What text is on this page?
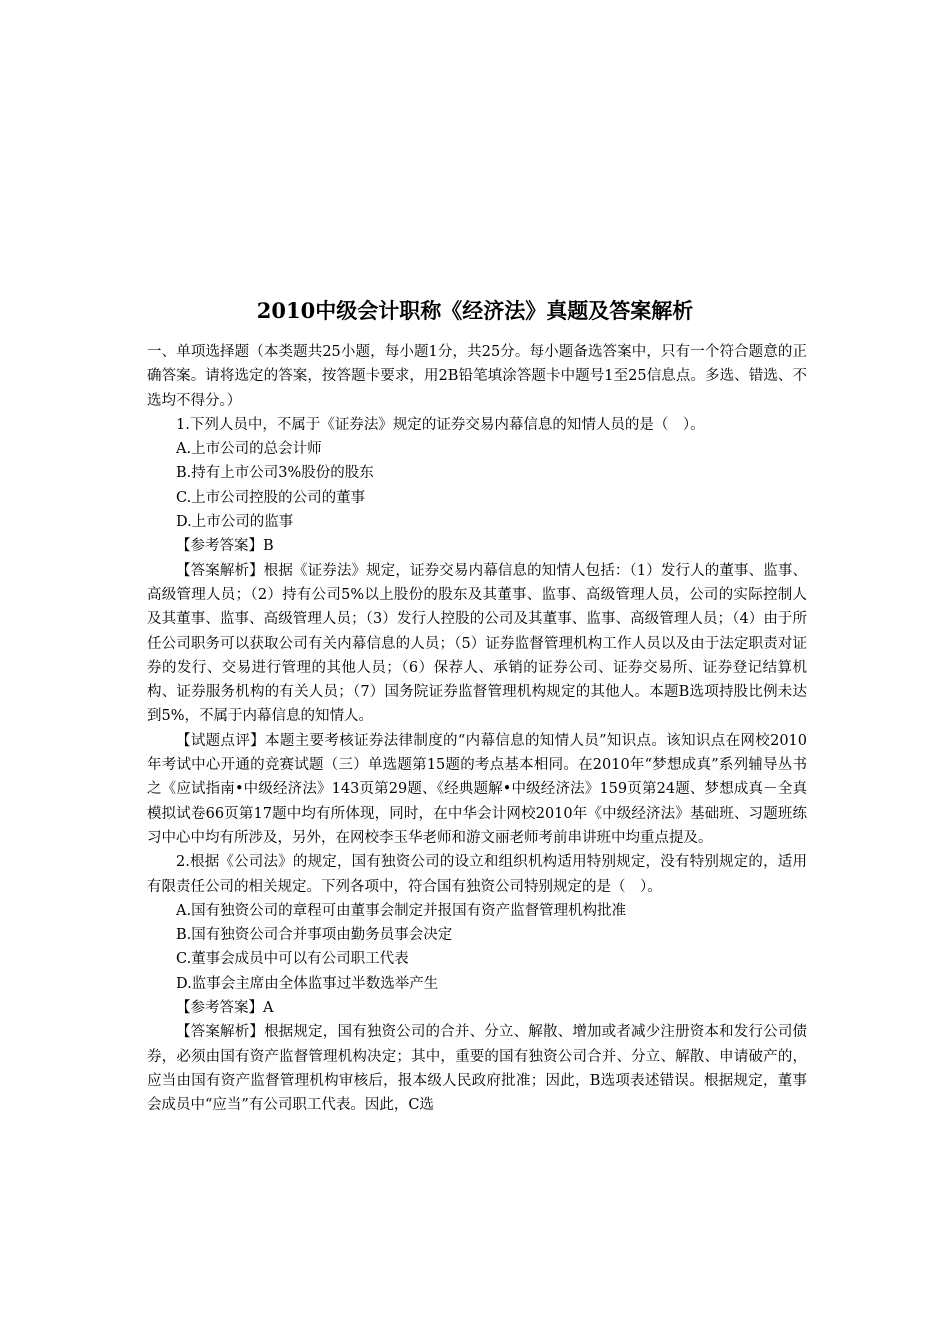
2010中级会计职称《经济法》真题及答案解析

一、单项选择题（本类题共25小题，每小题1分，共25分。每小题备选答案中，只有一个符合题意的正确答案。请将选定的答案，按答题卡要求，用2B铅笔填涂答题卡中题号1至25信息点。多选、错选、不选均不得分。）

1.下列人员中，不属于《证券法》规定的证券交易内幕信息的知情人员的是（　）。

A.上市公司的总会计师

B.持有上市公司3%股份的股东

C.上市公司控股的公司的董事

D.上市公司的监事

【参考答案】B

【答案解析】根据《证券法》规定，证券交易内幕信息的知情人包括：（1）发行人的董事、监事、高级管理人员；（2）持有公司5%以上股份的股东及其董事、监事、高级管理人员，公司的实际控制人及其董事、监事、高级管理人员；（3）发行人控股的公司及其董事、监事、高级管理人员；（4）由于所任公司职务可以获取公司有关内幕信息的人员；（5）证券监督管理机构工作人员以及由于法定职责对证券的发行、交易进行管理的其他人员；（6）保荐人、承销的证券公司、证券交易所、证券登记结算机构、证券服务机构的有关人员；（7）国务院证券监督管理机构规定的其他人。本题B选项持股比例未达到5%，不属于内幕信息的知情人。

【试题点评】本题主要考核证券法律制度的“内幕信息的知情人员”知识点。该知识点在网校2010年考试中心开通的竞赛试题（三）单选题第15题的考点基本相同。在2010年“梦想成真”系列辅导丛书之《应试指南•中级经济法》143页第29题、《经典题解•中级经济法》159页第24题、梦想成真－全真模拟试卷66页第17题中均有所体现，同时，在中华会计网校2010年《中级经济法》基础班、习题班练习中心中均有所涉及，另外，在网校李玉华老师和游文丽老师考前串讲班中均重点提及。

2.根据《公司法》的规定，国有独资公司的设立和组织机构适用特别规定，没有特别规定的，适用有限责任公司的相关规定。下列各项中，符合国有独资公司特别规定的是（　）。

A.国有独资公司的章程可由董事会制定并报国有资产监督管理机构批准

B.国有独资公司合并事项由勤务员事会决定

C.董事会成员中可以有公司职工代表

D.监事会主席由全体监事过半数选举产生

【参考答案】A

【答案解析】根据规定，国有独资公司的合并、分立、解散、增加或者减少注册资本和发行公司债券，必须由国有资产监督管理机构决定；其中，重要的国有独资公司合并、分立、解散、申请破产的，应当由国有资产监督管理机构审核后，报本级人民政府批准；因此，B选项表述错误。根据规定，董事会成员中“应当”有公司职工代表。因此，C选
